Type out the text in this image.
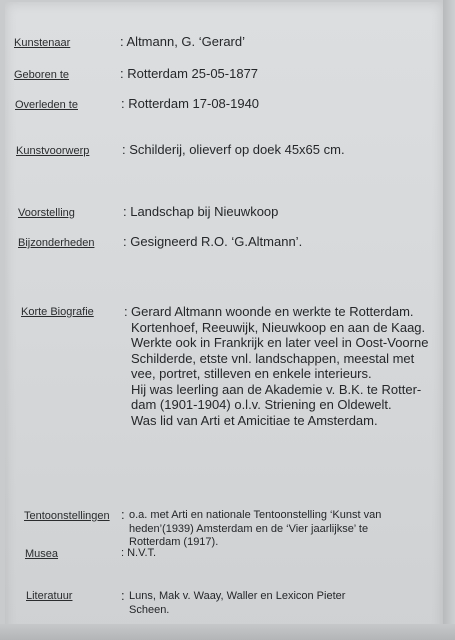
Kunstenaar	: Altmann, G. ‘Gerard’
Geboren te	: Rotterdam 25-05-1877
Overleden te	: Rotterdam 17-08-1940
Kunstvoorwerp	: Schilderij, olieverf op doek 45x65 cm.
Voorstelling	: Landschap bij Nieuwkoop
Bijzonderheden : Gesigneerd R.O. ‘G.Altmann’.
Korte Biografie : Gerard Altmann woonde en werkte te Rotterdam.
Kortenhoef, Reeuwijk, Nieuwkoop en aan de Kaag.
Werkte ook in Frankrijk en later veel in Oost-Voorne
Schilderde, etste vnl. landschappen, meestal met
vee, portret, stilleven en enkele interieurs.
Hij was leerling aan de Akademie v. B.K. te Rotter-
dam (1901-1904) o.l.v. Striening en Oldewelt.
Was lid van Arti et Amicitiae te Amsterdam.
Tentoonstellingen : o.a. met Arti en nationale Tentoonstelling ‘Kunst van
heden’(1939) Amsterdam en de ‘Vier jaarlijkse’ te
Rotterdam (1917).
Musea	: N.V.T.
Literatuur	: Luns, Mak v. Waay, Waller en Lexicon Pieter
Scheen.
